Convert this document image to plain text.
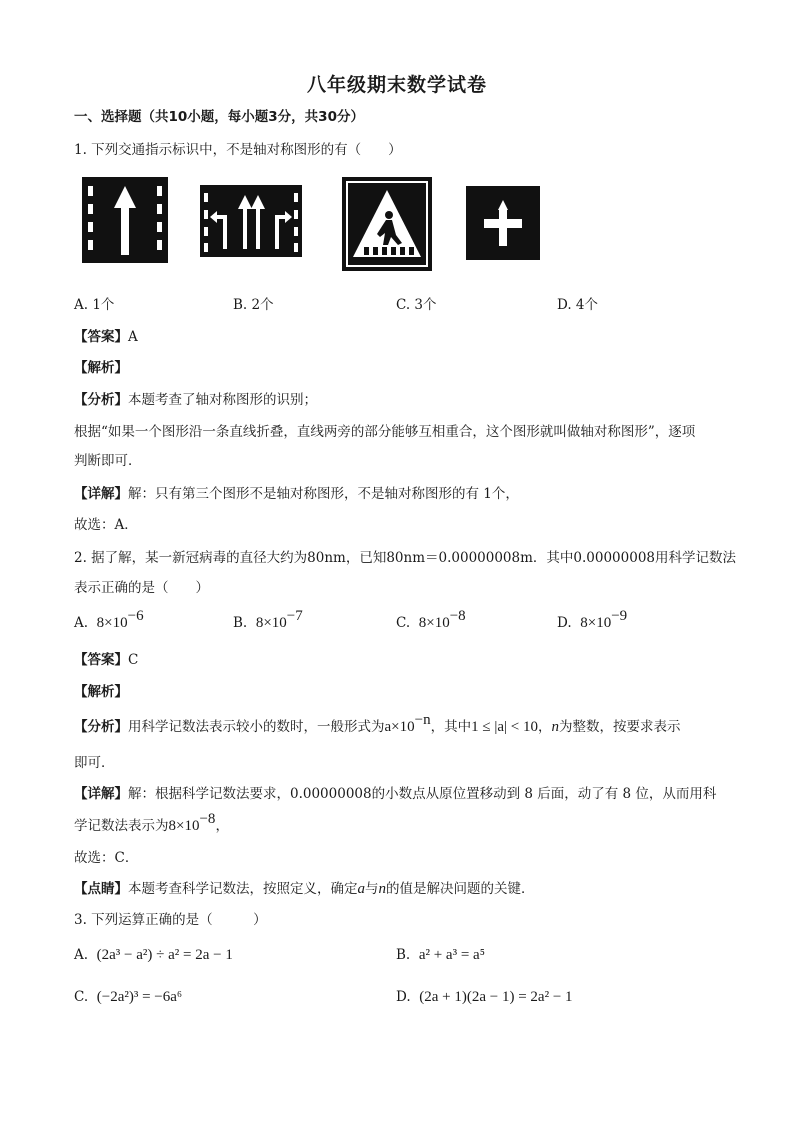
八年级期末数学试卷
一、选择题（共10小题，每小题3分，共30分）
1. 下列交通指示标识中，不是轴对称图形的有（　　）
A. 1个	B. 2个	C. 3个	D. 4个
【答案】A
【解析】
【分析】本题考查了轴对称图形的识别；
根据“如果一个图形沿一条直线折叠，直线两旁的部分能够互相重合，这个图形就叫做轴对称图形”，逐项
判断即可．
【详解】解：只有第三个图形不是轴对称图形，不是轴对称图形的有 1个，
故选：A．
2. 据了解，某一新冠病毒的直径大约为80nm，已知80nm＝0.00000008m．其中0.00000008用科学记数法
表示正确的是（　　）
A. $8\times 10^{-6}$	B. $8\times 10^{-7}$	C. $8\times 10^{-8}$	D. $8\times 10^{-9}$
【答案】C
【解析】
【分析】用科学记数法表示较小的数时，一般形式为$a\times 10^{-n}$，其中1 ≤ |a| < 10，n为整数，按要求表示
即可．
【详解】解：根据科学记数法要求，0.00000008的小数点从原位置移动到 8 后面，动了有 8 位，从而用科
学记数法表示为$8\times 10^{-8}$，
故选：C．
【点睛】本题考查科学记数法，按照定义，确定a与n的值是解决问题的关键．
3. 下列运算正确的是（　　　）
A. (2a³ − a²) ÷ a² = 2a − 1	B. a² + a³ = a⁵
C. (−2a²)³ = −6a⁶	D. (2a + 1)(2a − 1) = 2a² − 1
